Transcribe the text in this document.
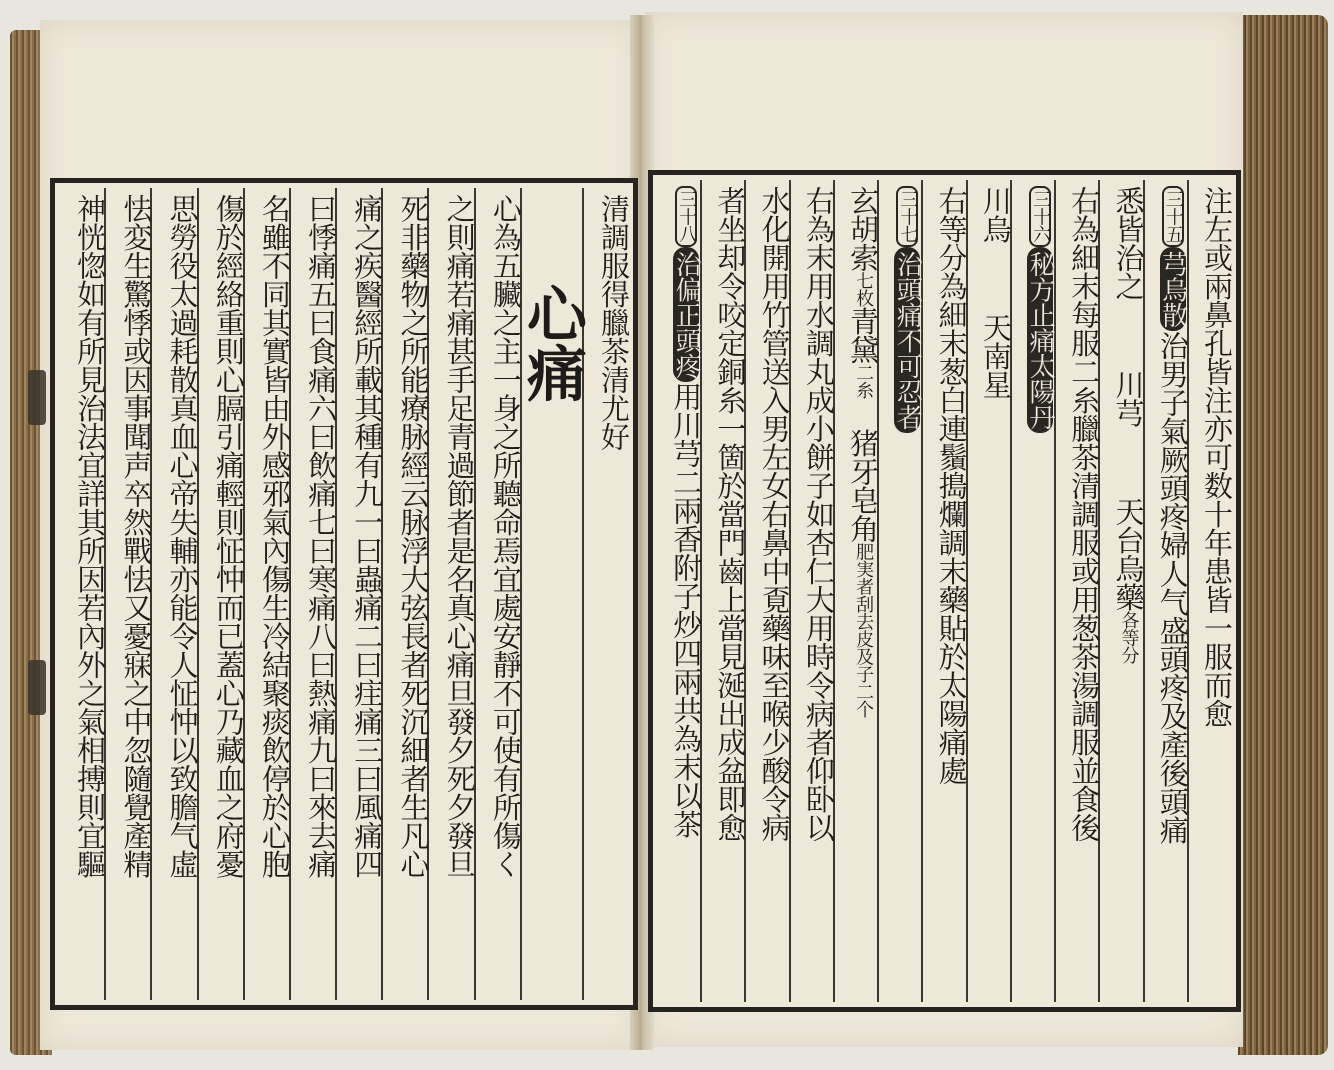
清調服得臘茶清尤好
心痛
心為五臟之主一身之所聽命焉宜處安靜不可使有所傷く
之則痛若痛甚手足青過節者是名真心痛旦發夕死夕發旦
死非藥物之所能療脉經云脉浮大弦長者死沉細者生凡心
痛之疾醫經所載其種有九一曰蟲痛二曰疰痛三曰風痛四
曰悸痛五曰食痛六曰飲痛七曰寒痛八曰熱痛九曰來去痛
名雖不同其實皆由外感邪氣內傷生冷結聚痰飲停於心胞
傷於經絡重則心膈引痛輕則怔忡而已蓋心乃藏血之府憂
思勞役太過耗散真血心帝失輔亦能令人怔忡以致膽气虛
怯変生驚悸或因事聞声卒然戰怯又憂寐之中忽隨覺產精
神恍惚如有所見治法宜詳其所因若內外之氣相搏則宜驅	注左或兩鼻孔皆注亦可数十年患皆一服而愈
三十五芎烏散治男子氣厥頭疼婦人气盛頭疼及產後頭痛
悉皆治之川芎天台烏藥各等分
右為細末每服二糸臘茶清調服或用葱茶湯調服並食後
三十六秘方止痛太陽丹
川烏天南星
右等分為細末葱白連鬚搗爛調末藥貼於太陽痛處
三十七治頭痛不可忍者
玄胡索七枚青黛二糸猪牙皂角肥実者刮去皮及子二个
右為末用水調丸成小餅子如杏仁大用時令病者仰卧以
水化開用竹管送入男左女右鼻中覔藥味至喉少酸令病
者坐却令咬定銅糸一箇於當門齒上當見涎出成盆即愈
三十八治偏正頭疼用川芎二兩香附子炒四兩共為末以茶
